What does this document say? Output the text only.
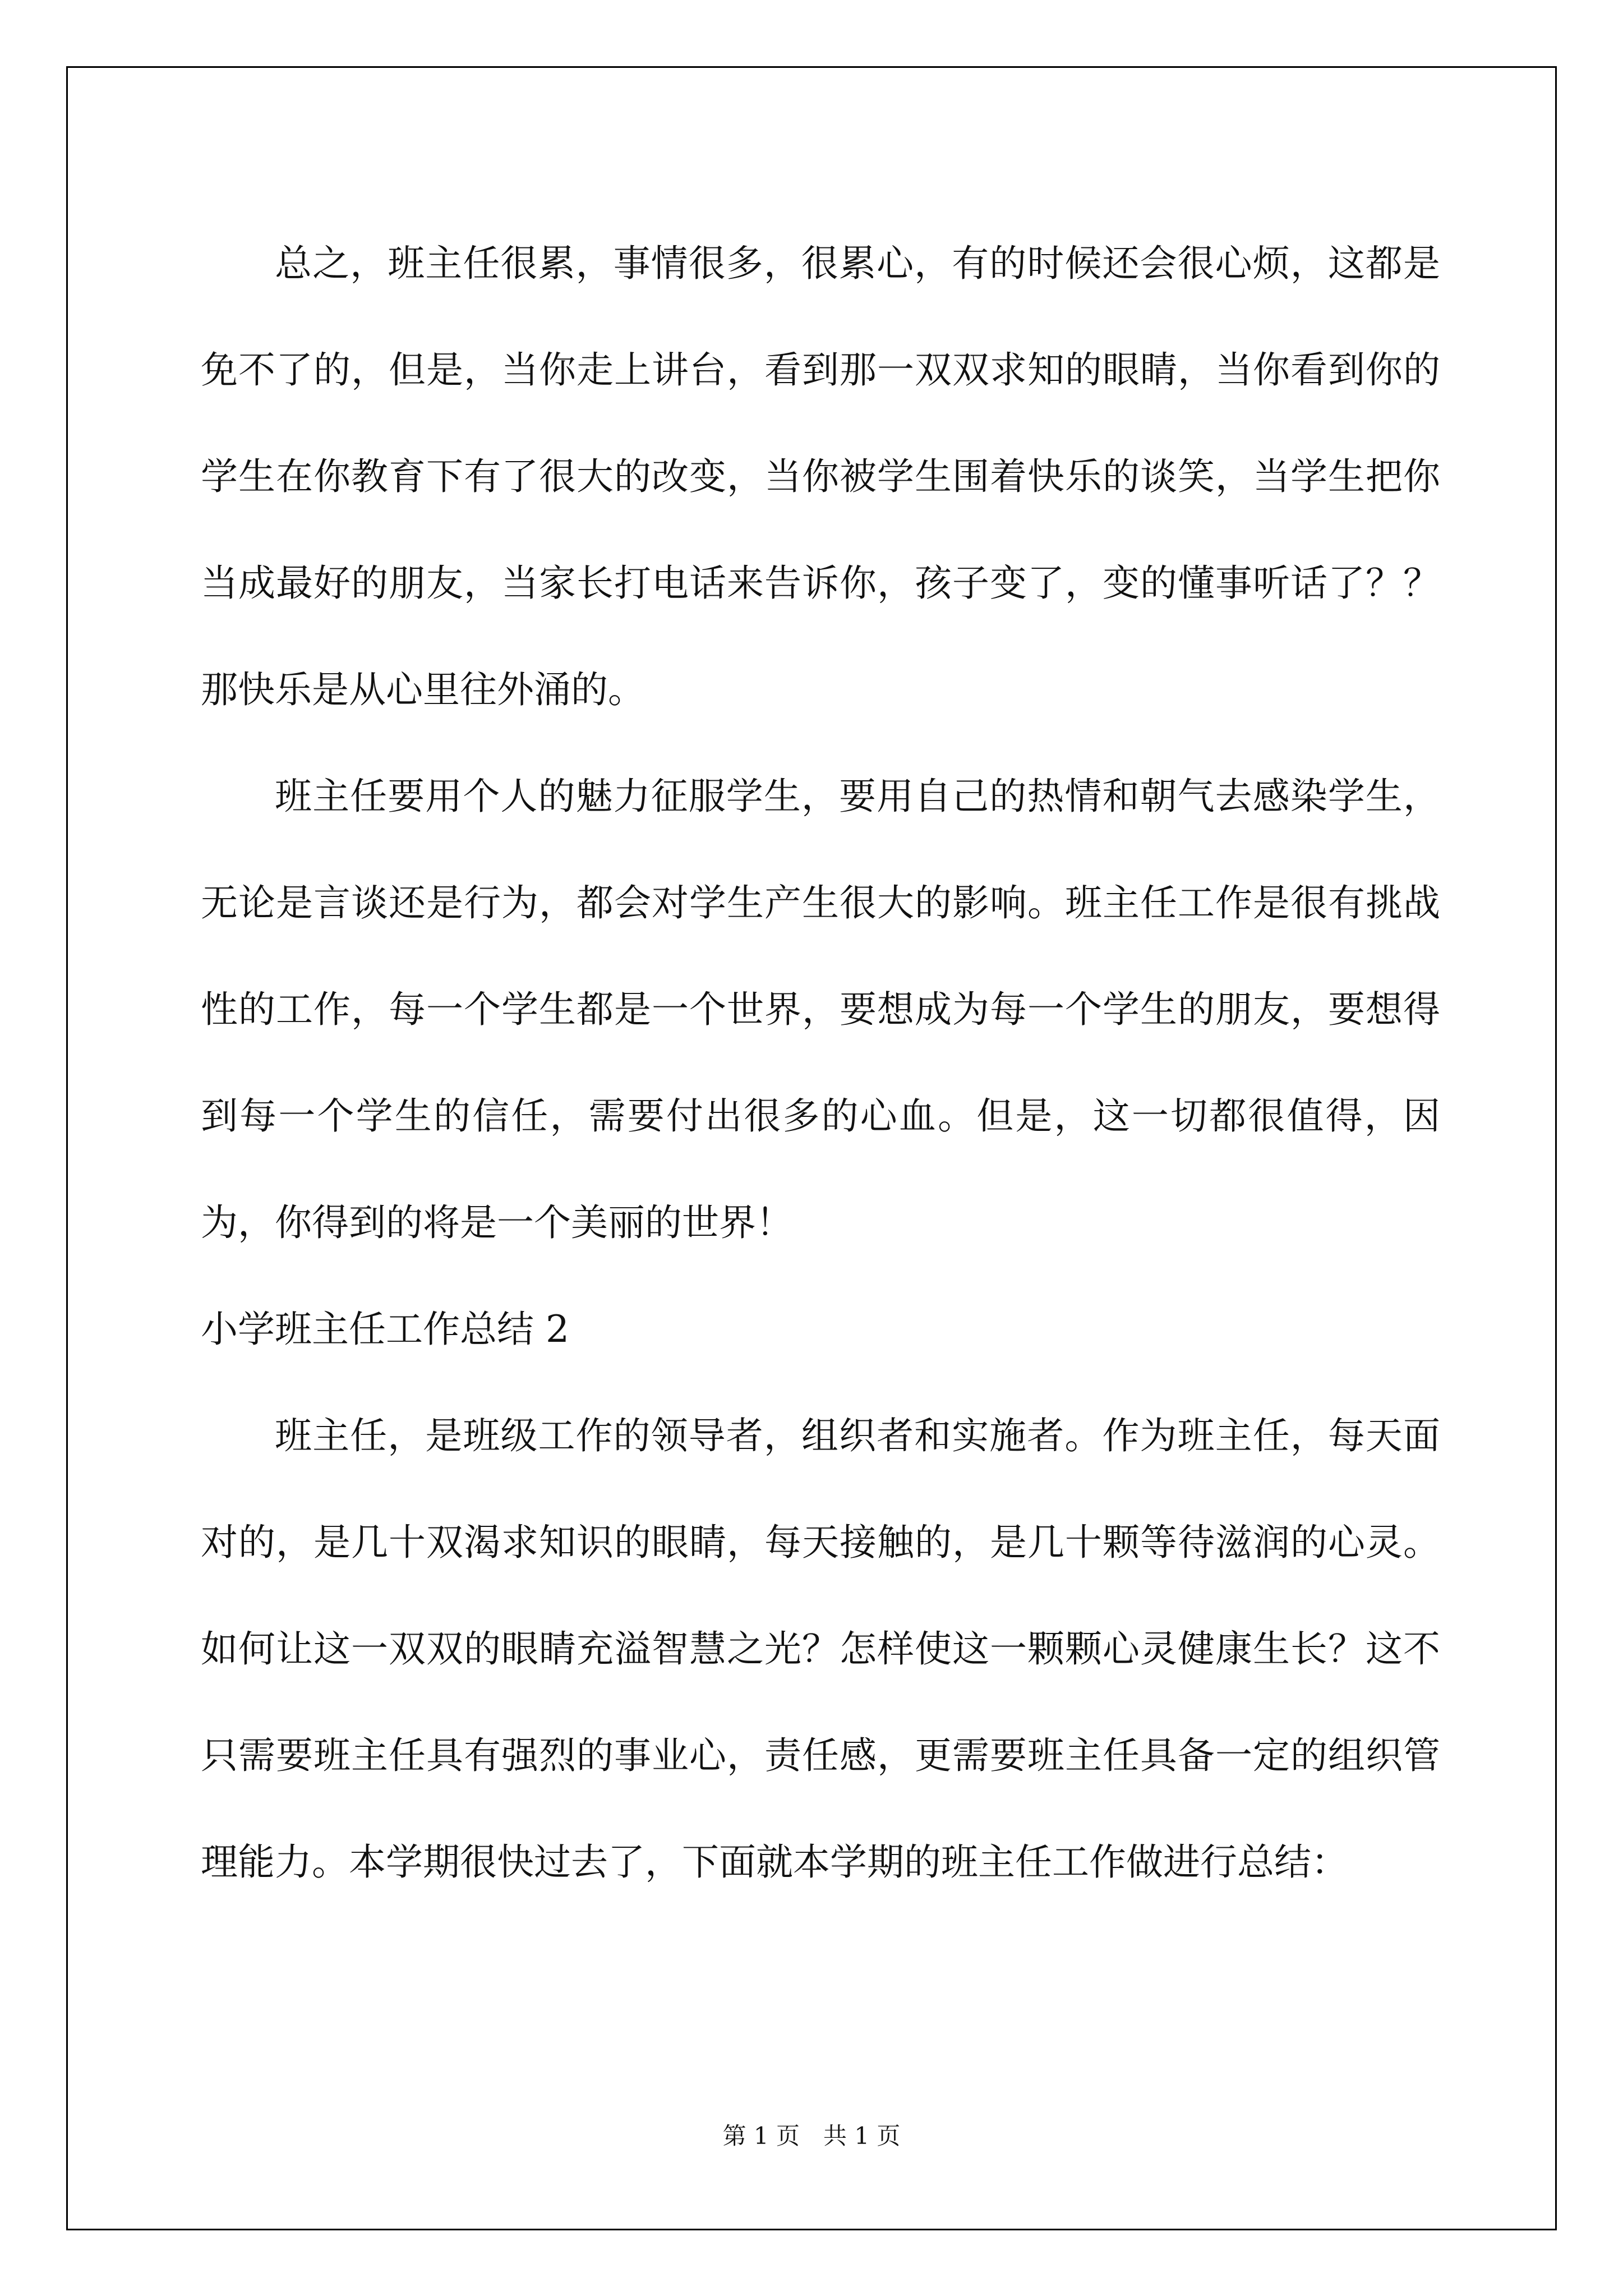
总之，班主任很累，事情很多，很累心，有的时候还会很心烦，这都是免不了的，但是，当你走上讲台，看到那一双双求知的眼睛，当你看到你的学生在你教育下有了很大的改变，当你被学生围着快乐的谈笑，当学生把你当成最好的朋友，当家长打电话来告诉你，孩子变了，变的懂事听话了？？ 那快乐是从心里往外涌的。

班主任要用个人的魅力征服学生，要用自己的热情和朝气去感染学生，无论是言谈还是行为，都会对学生产生很大的影响。班主任工作是很有挑战性的工作，每一个学生都是一个世界，要想成为每一个学生的朋友，要想得到每一个学生的信任，需要付出很多的心血。但是，这一切都很值得，因为，你得到的将是一个美丽的世界！

小学班主任工作总结 2

班主任，是班级工作的领导者，组织者和实施者。作为班主任，每天面对的，是几十双渴求知识的眼睛，每天接触的，是几十颗等待滋润的心灵。如何让这一双双的眼睛充溢智慧之光？怎样使这一颗颗心灵健康生长？这不只需要班主任具有强烈的事业心，责任感，更需要班主任具备一定的组织管理能力。本学期很快过去了，下面就本学期的班主任工作做进行总结：

第 1 页　共 1 页
